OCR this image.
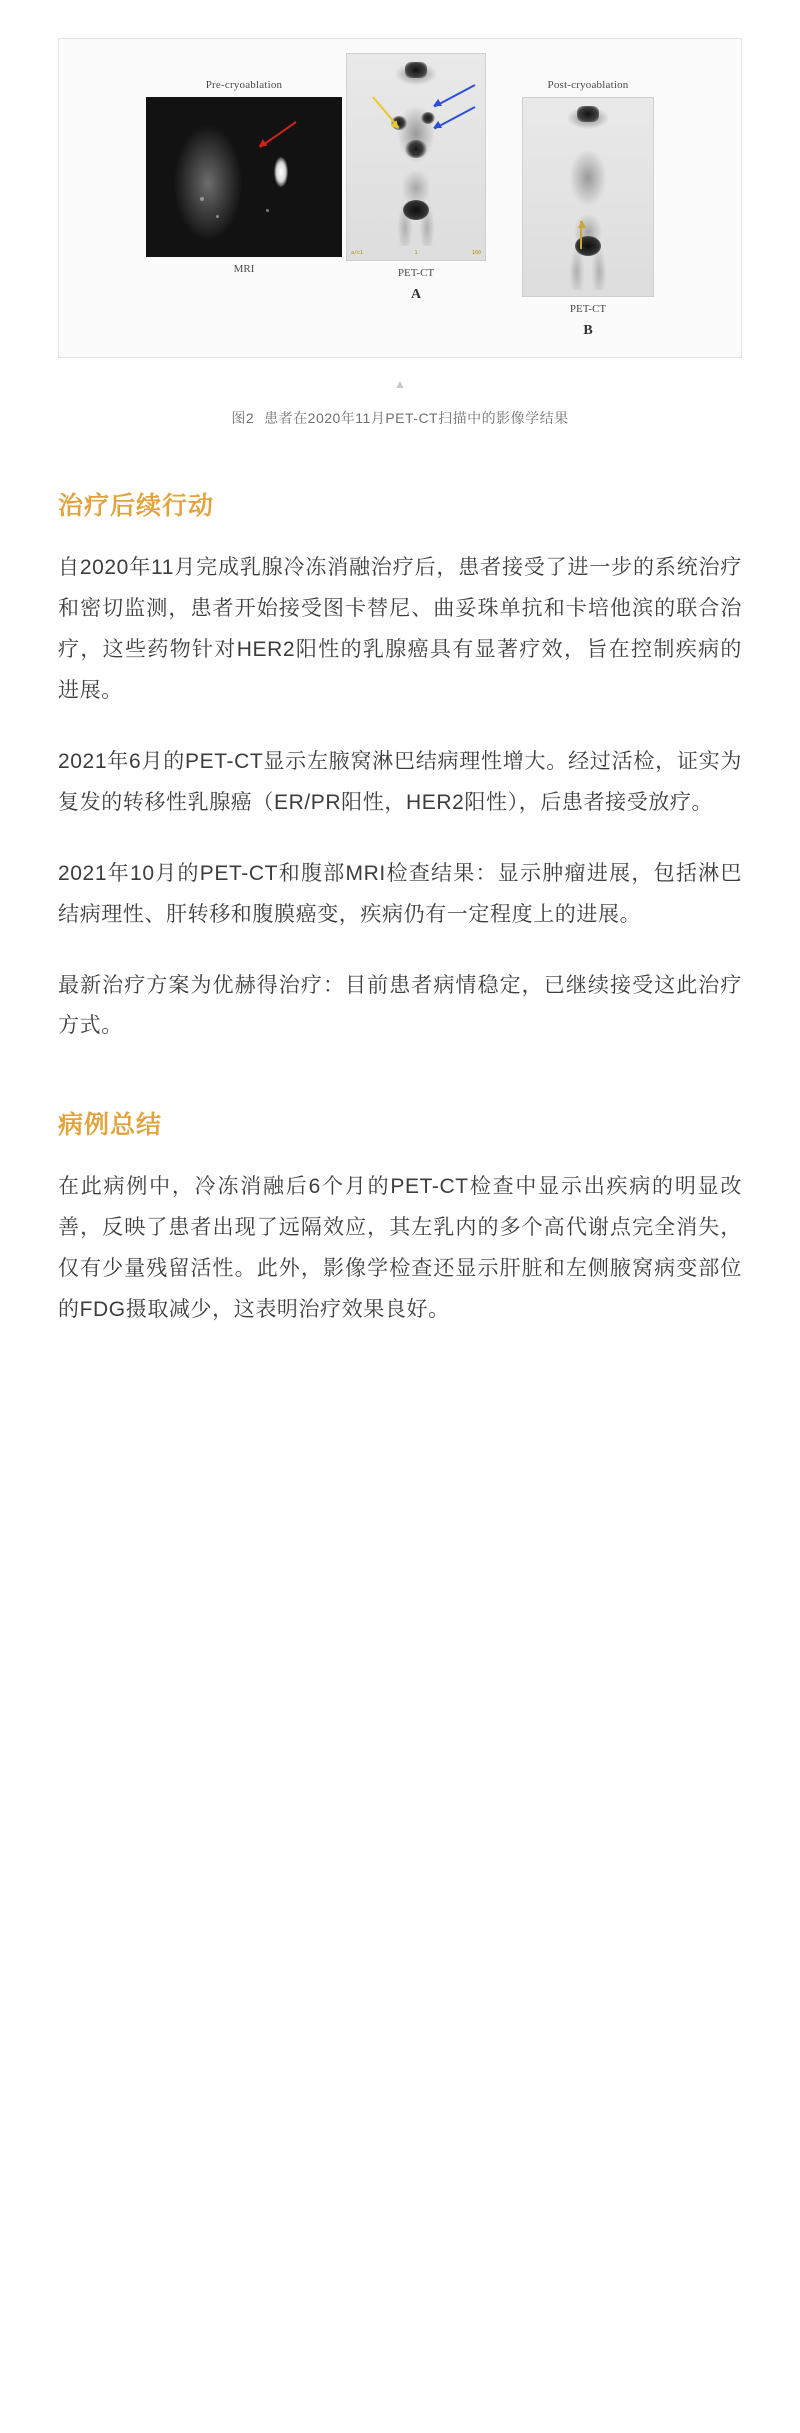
Pre-cryoablation
MRI
a/c1	1	160
PET-CT
A
Post-cryoablation
PET-CT
B
▲
图2 患者在2020年11月PET-CT扫描中的影像学结果
治疗后续行动

自2020年11月完成乳腺冷冻消融治疗后，患者接受了进一步的系统治疗和密切监测，患者开始接受图卡替尼、曲妥珠单抗和卡培他滨的联合治疗，这些药物针对HER2阳性的乳腺癌具有显著疗效，旨在控制疾病的进展。

2021年6月的PET-CT显示左腋窝淋巴结病理性增大。经过活检，证实为复发的转移性乳腺癌（ER/PR阳性，HER2阳性），后患者接受放疗。

2021年10月的PET-CT和腹部MRI检查结果：显示肿瘤进展，包括淋巴结病理性、肝转移和腹膜癌变，疾病仍有一定程度上的进展。

最新治疗方案为优赫得治疗：目前患者病情稳定，已继续接受这此治疗方式。

病例总结

在此病例中，冷冻消融后6个月的PET-CT检查中显示出疾病的明显改善，反映了患者出现了远隔效应，其左乳内的多个高代谢点完全消失，仅有少量残留活性。此外，影像学检查还显示肝脏和左侧腋窝病变部位的FDG摄取减少，这表明治疗效果良好。
